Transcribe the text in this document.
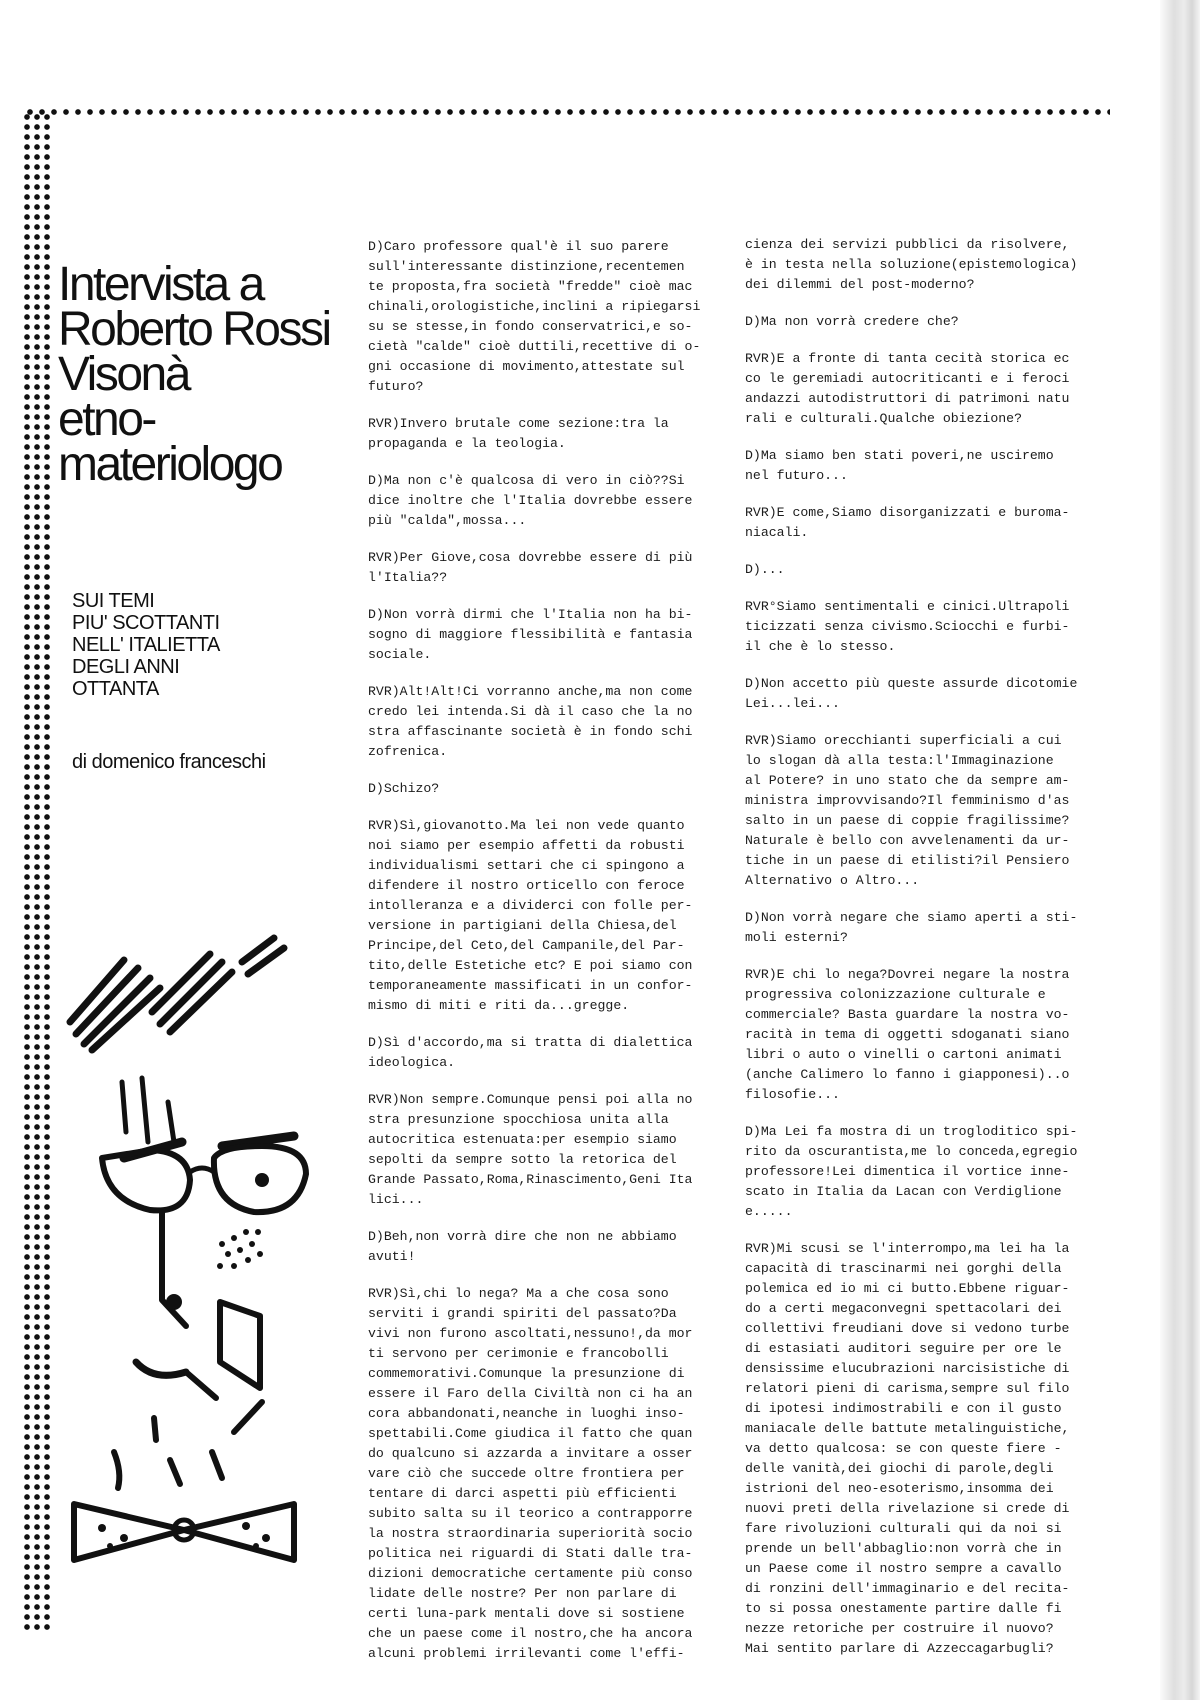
Intervista a
Roberto Rossi
Visonà
etno-
materiologo
SUI TEMI
PIU' SCOTTANTI
NELL' ITALIETTA
DEGLI ANNI
OTTANTA
di domenico franceschi

D)Caro professore qual'è il suo parere
sull'interessante distinzione,recentemen
te proposta,fra società "fredde" cioè mac
chinali,orologistiche,inclini a ripiegarsi
su se stesse,in fondo conservatrici,e so-
cietà "calde" cioè duttili,recettive di o-
gni occasione di movimento,attestate sul
futuro?

RVR)Invero brutale come sezione:tra la
propaganda e la teologia.

D)Ma non c'è qualcosa di vero in ciò??Si
dice inoltre che l'Italia dovrebbe essere
più "calda",mossa...

RVR)Per Giove,cosa dovrebbe essere di più
l'Italia??

D)Non vorrà dirmi che l'Italia non ha bi-
sogno di maggiore flessibilità e fantasia
sociale.

RVR)Alt!Alt!Ci vorranno anche,ma non come
credo lei intenda.Si dà il caso che la no
stra affascinante società è in fondo schi
zofrenica.

D)Schizo?

RVR)Sì,giovanotto.Ma lei non vede quanto
noi siamo per esempio affetti da robusti
individualismi settari che ci spingono a
difendere il nostro orticello con feroce
intolleranza e a dividerci con folle per-
versione in partigiani della Chiesa,del
Principe,del Ceto,del Campanile,del Par-
tito,delle Estetiche etc? E poi siamo con
temporaneamente massificati in un confor-
mismo di miti e riti da...gregge.

D)Sì d'accordo,ma si tratta di dialettica
ideologica.

RVR)Non sempre.Comunque pensi poi alla no
stra presunzione spocchiosa unita alla
autocritica estenuata:per esempio siamo
sepolti da sempre sotto la retorica del
Grande Passato,Roma,Rinascimento,Geni Ita
lici...

D)Beh,non vorrà dire che non ne abbiamo
avuti!

RVR)Sì,chi lo nega? Ma a che cosa sono
serviti i grandi spiriti del passato?Da
vivi non furono ascoltati,nessuno!,da mor
ti servono per cerimonie e francobolli
commemorativi.Comunque la presunzione di
essere il Faro della Civiltà non ci ha an
cora abbandonati,neanche in luoghi inso-
spettabili.Come giudica il fatto che quan
do qualcuno si azzarda a invitare a osser
vare ciò che succede oltre frontiera per
tentare di darci aspetti più efficienti
subito salta su il teorico a contrapporre
la nostra straordinaria superiorità socio
politica nei riguardi di Stati dalle tra-
dizioni democratiche certamente più conso
lidate delle nostre? Per non parlare di
certi luna-park mentali dove si sostiene
che un paese come il nostro,che ha ancora
alcuni problemi irrilevanti come l'effi-

cienza dei servizi pubblici da risolvere,
è in testa nella soluzione(epistemologica)
dei dilemmi del post-moderno?

D)Ma non vorrà credere che?

RVR)E a fronte di tanta cecità storica ec
co le geremiadi autocriticanti e i feroci
andazzi autodistruttori di patrimoni natu
rali e culturali.Qualche obiezione?

D)Ma siamo ben stati poveri,ne usciremo
nel futuro...

RVR)E come,Siamo disorganizzati e buroma-
niacali.

D)...

RVR°Siamo sentimentali e cinici.Ultrapoli
ticizzati senza civismo.Sciocchi e furbi-
il che è lo stesso.

D)Non accetto più queste assurde dicotomie
Lei...lei...

RVR)Siamo orecchianti superficiali a cui
lo slogan dà alla testa:l'Immaginazione
al Potere? in uno stato che da sempre am-
ministra improvvisando?Il femminismo d'as
salto in un paese di coppie fragilissime?
Naturale è bello con avvelenamenti da ur-
tiche in un paese di etilisti?il Pensiero
Alternativo o Altro...

D)Non vorrà negare che siamo aperti a sti-
moli esterni?

RVR)E chi lo nega?Dovrei negare la nostra
progressiva colonizzazione culturale e
commerciale? Basta guardare la nostra vo-
racità in tema di oggetti sdoganati siano
libri o auto o vinelli o cartoni animati
(anche Calimero lo fanno i giapponesi)..o
filosofie...

D)Ma Lei fa mostra di un trogloditico spi-
rito da oscurantista,me lo conceda,egregio
professore!Lei dimentica il vortice inne-
scato in Italia da Lacan con Verdiglione
e.....

RVR)Mi scusi se l'interrompo,ma lei ha la
capacità di trascinarmi nei gorghi della
polemica ed io mi ci butto.Ebbene riguar-
do a certi megaconvegni spettacolari dei
collettivi freudiani dove si vedono turbe
di estasiati auditori seguire per ore le
densissime elucubrazioni narcisistiche di
relatori pieni di carisma,sempre sul filo
di ipotesi indimostrabili e con il gusto
maniacale delle battute metalinguistiche,
va detto qualcosa: se con queste fiere -
delle vanità,dei giochi di parole,degli
istrioni del neo-esoterismo,insomma dei
nuovi preti della rivelazione si crede di
fare rivoluzioni culturali qui da noi si
prende un bell'abbaglio:non vorrà che in
un Paese come il nostro sempre a cavallo
di ronzini dell'immaginario e del recita-
to si possa onestamente partire dalle fi
nezze retoriche per costruire il nuovo?
Mai sentito parlare di Azzeccagarbugli?
